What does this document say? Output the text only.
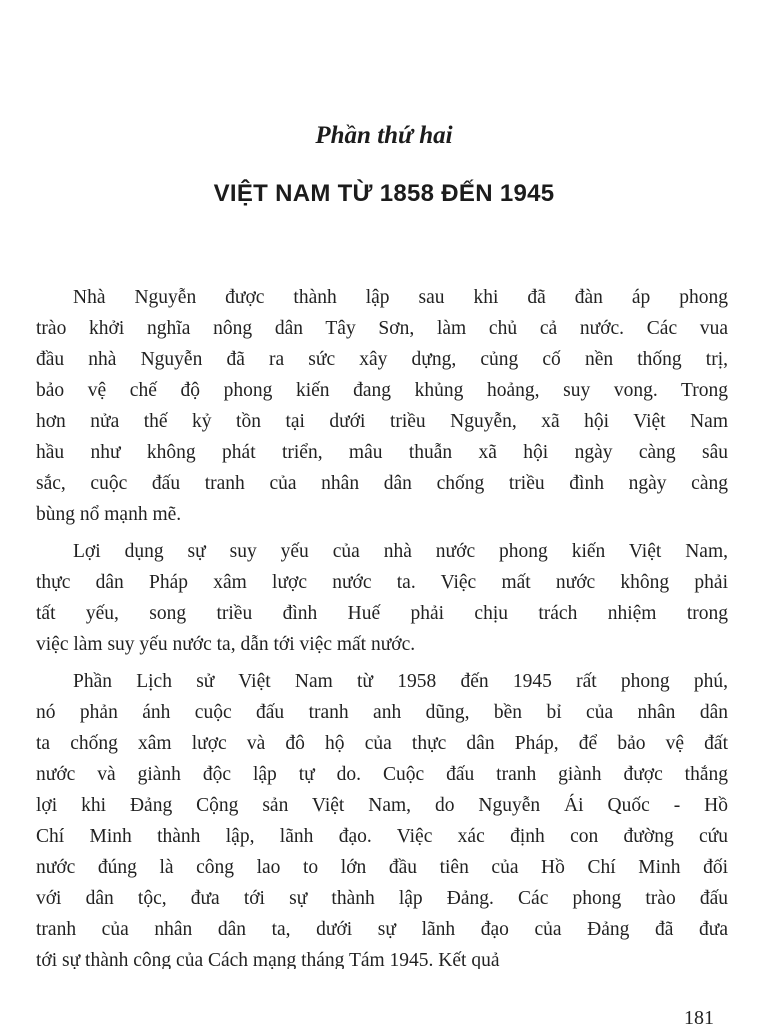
Phần thứ hai
VIỆT NAM TỪ 1858 ĐẾN 1945
Nhà Nguyễn được thành lập sau khi đã đàn áp phong
trào khởi nghĩa nông dân Tây Sơn, làm chủ cả nước. Các vua
đầu nhà Nguyễn đã ra sức xây dựng, củng cố nền thống trị,
bảo vệ chế độ phong kiến đang khủng hoảng, suy vong. Trong
hơn nửa thế kỷ tồn tại dưới triều Nguyễn, xã hội Việt Nam
hầu như không phát triển, mâu thuẫn xã hội ngày càng sâu
sắc, cuộc đấu tranh của nhân dân chống triều đình ngày càng
bùng nổ mạnh mẽ.
Lợi dụng sự suy yếu của nhà nước phong kiến Việt Nam,
thực dân Pháp xâm lược nước ta. Việc mất nước không phải
tất yếu, song triều đình Huế phải chịu trách nhiệm trong
việc làm suy yếu nước ta, dẫn tới việc mất nước.
Phần Lịch sử Việt Nam từ 1958 đến 1945 rất phong phú,
nó phản ánh cuộc đấu tranh anh dũng, bền bỉ của nhân dân
ta chống xâm lược và đô hộ của thực dân Pháp, để bảo vệ đất
nước và giành độc lập tự do. Cuộc đấu tranh giành được thắng
lợi khi Đảng Cộng sản Việt Nam, do Nguyễn Ái Quốc - Hồ
Chí Minh thành lập, lãnh đạo. Việc xác định con đường cứu
nước đúng là công lao to lớn đầu tiên của Hồ Chí Minh đối
với dân tộc, đưa tới sự thành lập Đảng. Các phong trào đấu
tranh của nhân dân ta, dưới sự lãnh đạo của Đảng đã đưa
tới sự thành công của Cách mạng tháng Tám 1945. Kết quả
181
